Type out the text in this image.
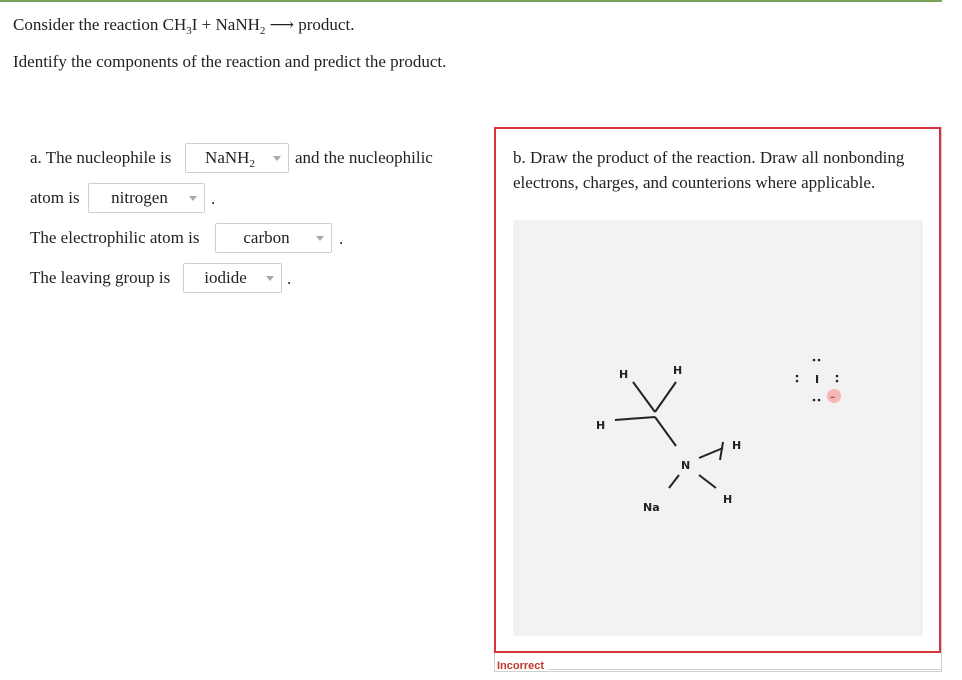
Consider the reaction $CH_3I$ + NaNH$_2$ ⟶ product.
Identify the components of the reaction and predict the product.
a. The nucleophile is	NaNH$_2$	and the nucleophilic
atom is	nitrogen	.
The electrophilic atom is	carbon	.
The leaving group is	iodide	.
b. Draw the product of the reaction. Draw all nonbonding electrons, charges, and counterions where applicable.
H	H
H
N
H
H
Na
I
–
Incorrect
